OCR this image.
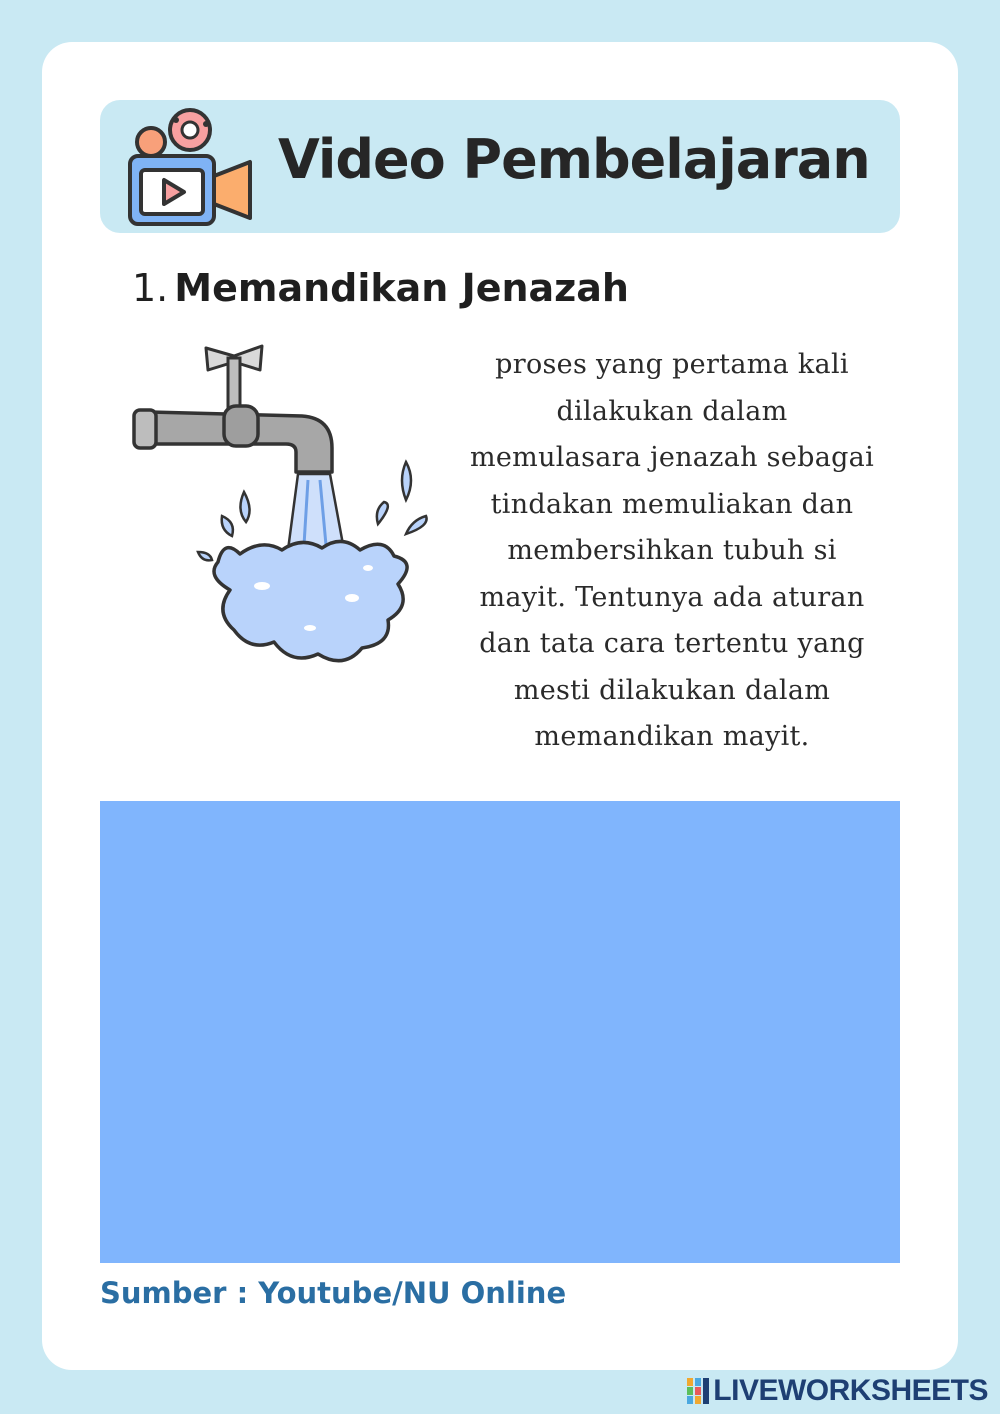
Video Pembelajaran
1. Memandikan Jenazah
proses yang pertama kali dilakukan dalam memulasara jenazah sebagai tindakan memuliakan dan membersihkan tubuh si mayit. Tentunya ada aturan dan tata cara tertentu yang mesti dilakukan dalam memandikan mayit.
Sumber : Youtube/NU Online
LIVEWORKSHEETS
